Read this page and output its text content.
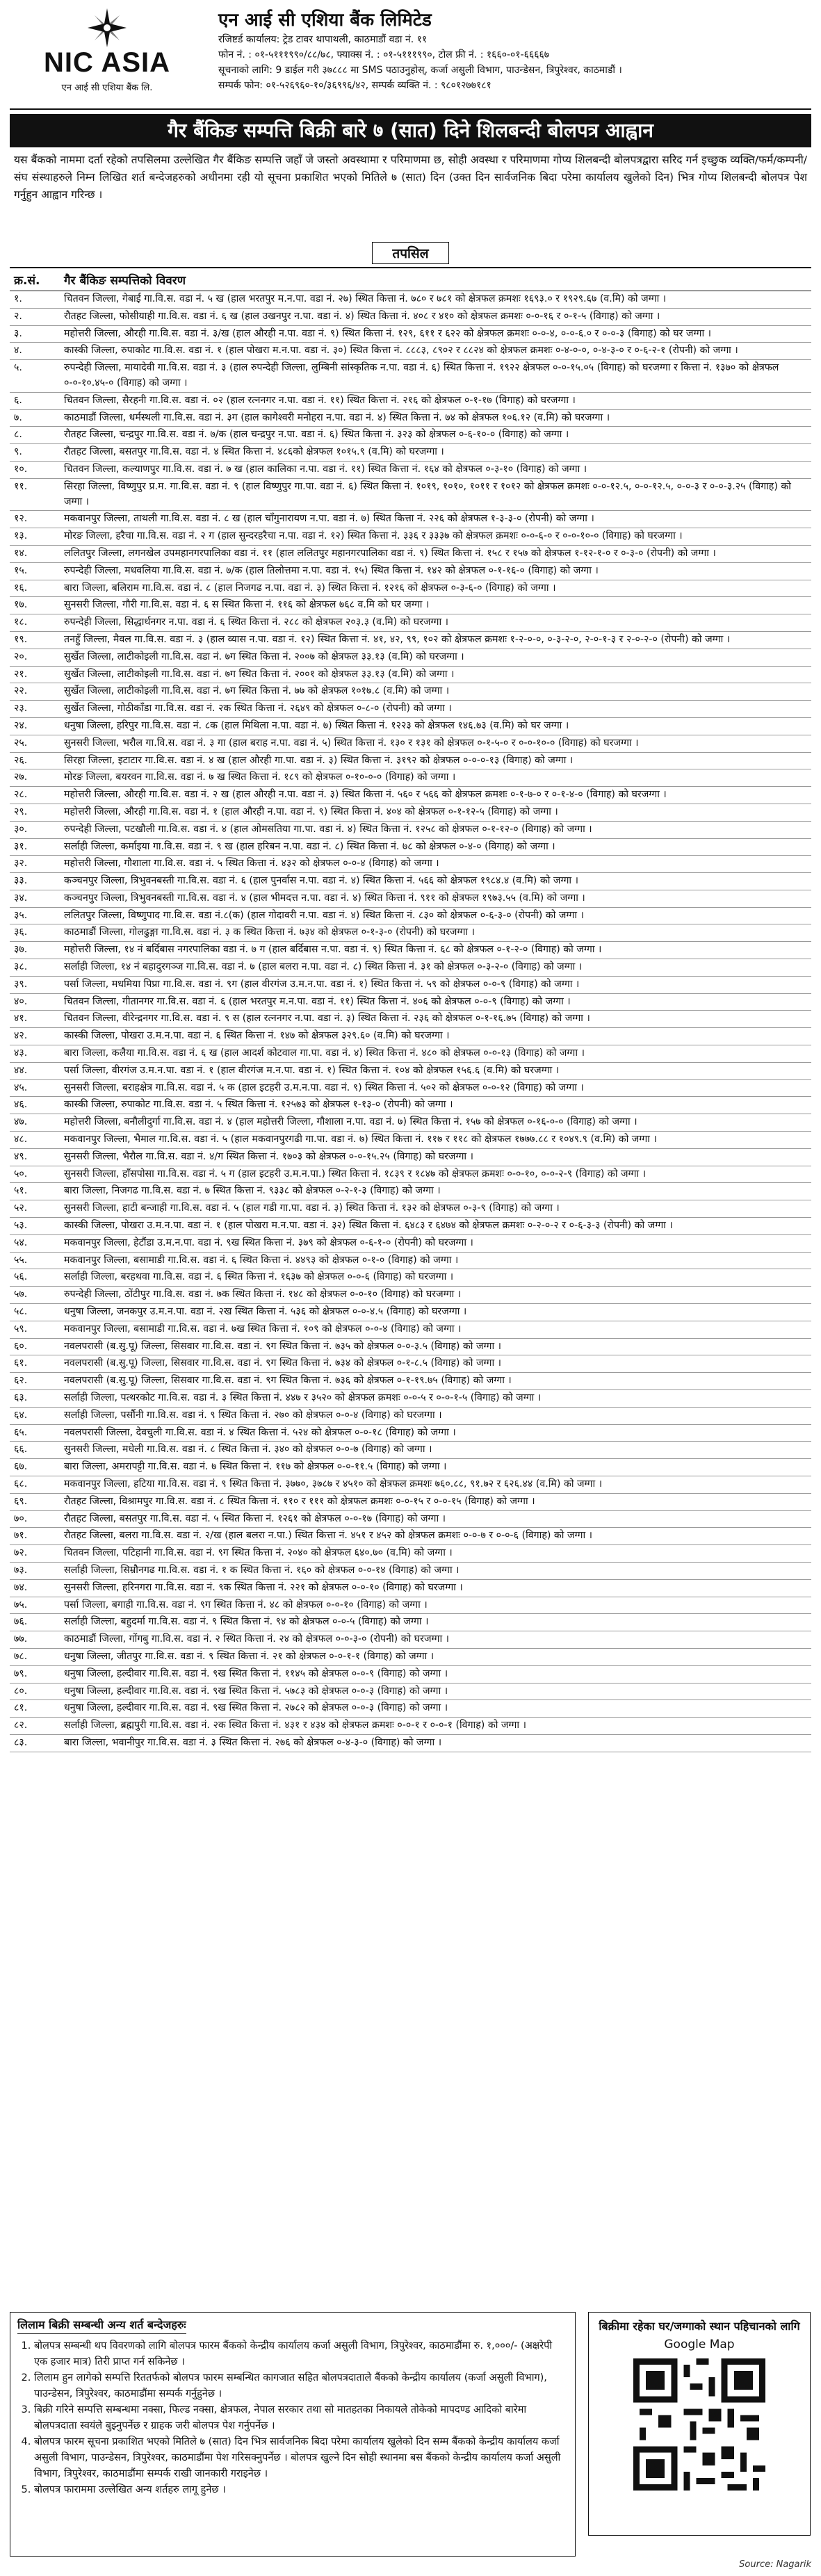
NIC ASIA
एन आई सी एशिया बैंक लि.
एन आई सी एशिया बैंक लिमिटेड
रजिष्टर्ड कार्यालय: ट्रेड टावर थापाथली, काठमाडौं वडा नं. ११
फोन नं. : ०१-५१११९९०/८८/७८, फ्याक्स नं. : ०१-५१११९९०, टोल फ्री नं. : १६६०-०१-६६६६७
सूचनाको लागि: 9 डाईल गरी ३७८८८ मा SMS पठाउनुहोस्, कर्जा असुली विभाग, पाउन्डेसन, त्रिपुरेश्वर, काठमाडौं ।
सम्पर्क फोन: ०१-५२६९६०-१०/३६९९६/४२, सम्पर्क व्यक्ति नं. : ९८०१२७७१८१
गैर बैंकिङ सम्पत्ति बिक्री बारे ७ (सात) दिने शिलबन्दी बोलपत्र आह्वान
यस बैंकको नाममा दर्ता रहेको तपसिलमा उल्लेखित गैर बैंकिङ सम्पत्ति जहाँ जे जस्तो अवस्थामा र परिमाणमा छ, सोही अवस्था र परिमाणमा गोप्य शिलबन्दी बोलपत्रद्वारा सरिद गर्न इच्छुक व्यक्ति/फर्म/कम्पनी/संघ संस्थाहरुले निम्न लिखित शर्त बन्देजहरुको अधीनमा रही यो सूचना प्रकाशित भएको मितिले ७ (सात) दिन (उक्त दिन सार्वजनिक बिदा परेमा कार्यालय खुलेको दिन) भित्र गोप्य शिलबन्दी बोलपत्र पेश गर्नुहुन आह्वान गरिन्छ ।
तपसिल
क्र.सं.	गैर बैंकिङ सम्पत्तिको विवरण
१.	चितवन जिल्ला, गेबाई गा.वि.स. वडा नं. ५ ख (हाल भरतपुर म.न.पा. वडा नं. २७) स्थित कित्ता नं. ७८० र ७८१ को क्षेत्रफल क्रमशः १६९३.० र १९२९.६७ (व.मि) को जग्गा ।
२.	रौतहट जिल्ला, फोसीयाही गा.वि.स. वडा नं. ६ ख (हाल उखनपुर न.पा. वडा नं. ४) स्थित कित्ता नं. ४०८ र ४१० को क्षेत्रफल क्रमशः ०-०-१६ र ०-१-५ (विगाह) को जग्गा ।
३.	महोत्तरी जिल्ला, औरही गा.वि.स. वडा नं. ३/ख (हाल औरही न.पा. वडा नं. ९) स्थित कित्ता नं. १२९, ६११ र ६२२ को क्षेत्रफल क्रमशः ०-०-४, ०-०-६.० र ०-०-३ (विगाह) को घर जग्गा ।
४.	कास्की जिल्ला, रुपाकोट गा.वि.स. वडा नं. १ (हाल पोखरा म.न.पा. वडा नं. ३०) स्थित कित्ता नं. ८८८३, ८९०२ र ८८२४ को क्षेत्रफल क्रमशः ०-४-०-०, ०-४-३-० र ०-६-२-१ (रोपनी) को जग्गा ।
५.	रुपन्देही जिल्ला, मायादेवी गा.वि.स. वडा नं. ३ (हाल रुपन्देही जिल्ला, लुम्बिनी सांस्कृतिक न.पा. वडा नं. ६) स्थित कित्ता नं. १९२२ क्षेत्रफल ०-०-१५.०५ (विगाह) को घरजग्गा र कित्ता नं. १३७० को क्षेत्रफल ०-०-१०.४५-० (विगाह) को जग्गा ।
६.	चितवन जिल्ला, सैरहनी गा.वि.स. वडा नं. ०२ (हाल रत्ननगर न.पा. वडा नं. ११) स्थित कित्ता नं. २१६ को क्षेत्रफल ०-१-१७ (विगाह) को घरजग्गा ।
७.	काठमाडौं जिल्ला, धर्मस्थली गा.वि.स. वडा नं. ३ग (हाल कागेश्वरी मनोहरा न.पा. वडा नं. ४) स्थित कित्ता नं. ७४ को क्षेत्रफल १०६.१२ (व.मि) को घरजग्गा ।
८.	रौतहट जिल्ला, चन्द्रपुर गा.वि.स. वडा नं. ७/क (हाल चन्द्रपुर न.पा. वडा नं. ६) स्थित कित्ता नं. ३२३ को क्षेत्रफल ०-६-१०-० (विगाह) को जग्गा ।
९.	रौतहट जिल्ला, बसतपुर गा.वि.स. वडा नं. ४ स्थित कित्ता नं. ४८६को क्षेत्रफल १०१५.९ (व.मि) को घरजग्गा ।
१०.	चितवन जिल्ला, कल्याणपुर गा.वि.स. वडा नं. ७ ख (हाल कालिका न.पा. वडा नं. ११) स्थित कित्ता नं. १६४ को क्षेत्रफल ०-३-१० (विगाह) को जग्गा ।
११.	सिरहा जिल्ला, विष्णुपुर प्र.म. गा.वि.स. वडा नं. ९ (हाल विष्णुपुर गा.पा. वडा नं. ६) स्थित कित्ता नं. १०१९, १०१०, १०११ र १०१२ को क्षेत्रफल क्रमशः ०-०-१२.५, ०-०-१२.५, ०-०-३ र ०-०-३.२५ (विगाह) को जग्गा ।
१२.	मकवानपुर जिल्ला, ताथली गा.वि.स. वडा नं. ८ ख (हाल चाँगुनारायण न.पा. वडा नं. ७) स्थित कित्ता नं. २२६ को क्षेत्रफल १-३-३-० (रोपनी) को जग्गा ।
१३.	मोरङ जिल्ला, हरैचा गा.वि.स. वडा नं. २ ग (हाल सुन्दरहरैचा न.पा. वडा नं. १२) स्थित कित्ता नं. ३३६ र ३३३७ को क्षेत्रफल क्रमशः ०-०-६-० र ०-०-१०-० (विगाह) को घरजग्गा ।
१४.	ललितपुर जिल्ला, लगनखेल उपमहानगरपालिका वडा नं. ११ (हाल ललितपुर महानगरपालिका वडा नं. ९) स्थित कित्ता नं. १५८ र १५७ को क्षेत्रफल १-१२-१-० र ०-३-० (रोपनी) को जग्गा ।
१५.	रुपन्देही जिल्ला, मधवलिया गा.वि.स. वडा नं. ७/क (हाल तिलोत्तमा न.पा. वडा नं. १५) स्थित कित्ता नं. १४२ को क्षेत्रफल ०-१-१६-० (विगाह) को जग्गा ।
१६.	बारा जिल्ला, बलिराम गा.वि.स. वडा नं. ८ (हाल निजगढ न.पा. वडा नं. ३) स्थित कित्ता नं. १२१६ को क्षेत्रफल ०-३-६-० (विगाह) को जग्गा ।
१७.	सुनसरी जिल्ला, गौरी गा.वि.स. वडा नं. ६ स स्थित कित्ता नं. ११६ को क्षेत्रफल ७६८ व.मि को घर जग्गा ।
१८.	रुपन्देही जिल्ला, सिद्धार्थनगर न.पा. वडा नं. ६ स्थित कित्ता नं. २८८ को क्षेत्रफल २०३.३ (व.मि) को घरजग्गा ।
१९.	तनहुँ जिल्ला, मैवल गा.वि.स. वडा नं. ३ (हाल व्यास न.पा. वडा नं. १२) स्थित कित्ता नं. ४१, ४२, ९९, १०२ को क्षेत्रफल क्रमशः १-२-०-०, ०-३-२-०, २-०-१-३ र २-०-२-० (रोपनी) को जग्गा ।
२०.	सुर्खेत जिल्ला, लाटीकोइली गा.वि.स. वडा नं. ७ग स्थित कित्ता नं. २००७ को क्षेत्रफल ३३.१३ (व.मि) को घरजग्गा ।
२१.	सुर्खेत जिल्ला, लाटीकोइली गा.वि.स. वडा नं. ७ग स्थित कित्ता नं. २००१ को क्षेत्रफल ३३.१३ (व.मि) को जग्गा ।
२२.	सुर्खेत जिल्ला, लाटीकोइली गा.वि.स. वडा नं. ७ग स्थित कित्ता नं. ७७ को क्षेत्रफल १०१७.८ (व.मि) को जग्गा ।
२३.	सुर्खेत जिल्ला, गोठीकाँडा गा.वि.स. वडा नं. २क स्थित कित्ता नं. २६४९ को क्षेत्रफल ०-८-० (रोपनी) को जग्गा ।
२४.	धनुषा जिल्ला, हरिपुर गा.वि.स. वडा नं. ८क (हाल मिथिला न.पा. वडा नं. ७) स्थित कित्ता नं. १२२३ को क्षेत्रफल १४६.७३ (व.मि) को घर जग्गा ।
२५.	सुनसरी जिल्ला, भरौल गा.वि.स. वडा नं. ३ गा (हाल बराह न.पा. वडा नं. ५) स्थित कित्ता नं. १३० र १३१ को क्षेत्रफल ०-१-५-० र ०-०-१०-० (विगाह) को घरजग्गा ।
२६.	सिरहा जिल्ला, इटाटार गा.वि.स. वडा नं. ४ ख (हाल औरही गा.पा. वडा नं. ३) स्थित कित्ता नं. ३१९२ को क्षेत्रफल ०-०-०-१३ (विगाह) को जग्गा ।
२७.	मोरङ जिल्ला, बयरवन गा.वि.स. वडा नं. ७ ख स्थित कित्ता नं. १८९ को क्षेत्रफल ०-१०-०-० (विगाह) को जग्गा ।
२८.	महोत्तरी जिल्ला, औरही गा.वि.स. वडा नं. २ ख (हाल औरही न.पा. वडा नं. ३) स्थित कित्ता नं. ५६० र ५६६ को क्षेत्रफल क्रमशः ०-१-७-० र ०-१-४-० (विगाह) को घरजग्गा ।
२९.	महोत्तरी जिल्ला, औरही गा.वि.स. वडा नं. १ (हाल औरही न.पा. वडा नं. ९) स्थित कित्ता नं. ४०४ को क्षेत्रफल ०-१-१२-५ (विगाह) को जग्गा ।
३०.	रुपन्देही जिल्ला, पटखौली गा.वि.स. वडा नं. ४ (हाल ओमसतिया गा.पा. वडा नं. ४) स्थित कित्ता नं. १२५८ को क्षेत्रफल ०-१-१२-० (विगाह) को जग्गा ।
३१.	सर्लाही जिल्ला, कर्माइया गा.वि.स. वडा नं. ९ ख (हाल हरिबन न.पा. वडा नं. ८) स्थित कित्ता नं. ७८ को क्षेत्रफल ०-४-० (विगाह) को जग्गा ।
३२.	महोत्तरी जिल्ला, गौशाला गा.वि.स. वडा नं. ५ स्थित कित्ता नं. ४३२ को क्षेत्रफल ०-०-४ (विगाह) को जग्गा ।
३३.	कञ्चनपुर जिल्ला, त्रिभुवनबस्ती गा.वि.स. वडा नं. ६ (हाल पुनर्वास न.पा. वडा नं. ४) स्थित कित्ता नं. ५६६ को क्षेत्रफल १९८४.४ (व.मि) को जग्गा ।
३४.	कञ्चनपुर जिल्ला, त्रिभुवनबस्ती गा.वि.स. वडा नं. ४ (हाल भीमदत्त न.पा. वडा नं. ४) स्थित कित्ता नं. ९११ को क्षेत्रफल १९७३.५५ (व.मि) को जग्गा ।
३५.	ललितपुर जिल्ला, विष्णुपाद गा.वि.स. वडा नं.८(क) (हाल गोदावरी न.पा. वडा नं. ४) स्थित कित्ता नं. ८३० को क्षेत्रफल ०-६-३-० (रोपनी) को जग्गा ।
३६.	काठमाडौं जिल्ला, गोलढुङ्गा गा.वि.स. वडा नं. ३ क स्थित कित्ता नं. ७३४ को क्षेत्रफल ०-१-३-० (रोपनी) को घरजग्गा ।
३७.	महोत्तरी जिल्ला, १४ नं बर्दिबास नगरपालिका वडा नं. ७ ग (हाल बर्दिबास न.पा. वडा नं. ९) स्थित कित्ता नं. ६८ को क्षेत्रफल ०-१-२-० (विगाह) को जग्गा ।
३८.	सर्लाही जिल्ला, १४ नं बहादुरगञ्ज गा.वि.स. वडा नं. ७ (हाल बलरा न.पा. वडा नं. ८) स्थित कित्ता नं. ३१ को क्षेत्रफल ०-३-२-० (विगाह) को जग्गा ।
३९.	पर्सा जिल्ला, मधमिया पिप्रा गा.वि.स. वडा नं. ९ग (हाल वीरगंज उ.म.न.पा. वडा नं. १) स्थित कित्ता नं. ५९ को क्षेत्रफल ०-०-९ (विगाह) को जग्गा ।
४०.	चितवन जिल्ला, गीतानगर गा.वि.स. वडा नं. ६ (हाल भरतपुर म.न.पा. वडा नं. ११) स्थित कित्ता नं. ४०६ को क्षेत्रफल ०-०-९ (विगाह) को जग्गा ।
४१.	चितवन जिल्ला, वीरेन्द्रनगर गा.वि.स. वडा नं. ९ स (हाल रत्ननगर न.पा. वडा नं. ३) स्थित कित्ता नं. २३६ को क्षेत्रफल ०-१-१६.७५ (विगाह) को जग्गा ।
४२.	कास्की जिल्ला, पोखरा उ.म.न.पा. वडा नं. ६ स्थित कित्ता नं. १४७ को क्षेत्रफल ३२९.६० (व.मि) को घरजग्गा ।
४३.	बारा जिल्ला, कलैया गा.वि.स. वडा नं. ६ ख (हाल आदर्श कोटवाल गा.पा. वडा नं. ४) स्थित कित्ता नं. ४८० को क्षेत्रफल ०-०-१३ (विगाह) को जग्गा ।
४४.	पर्सा जिल्ला, वीरगंज उ.म.न.पा. वडा नं. १ (हाल वीरगंज म.न.पा. वडा नं. १) स्थित कित्ता नं. १०४ को क्षेत्रफल १५६.६ (व.मि) को घरजग्गा ।
४५.	सुनसरी जिल्ला, बराहक्षेत्र गा.वि.स. वडा नं. ५ क (हाल इटहरी उ.म.न.पा. वडा नं. ९) स्थित कित्ता नं. ५०२ को क्षेत्रफल ०-०-१२ (विगाह) को जग्गा ।
४६.	कास्की जिल्ला, रुपाकोट गा.वि.स. वडा नं. ५ स्थित कित्ता नं. १२५७३ को क्षेत्रफल १-१३-० (रोपनी) को जग्गा ।
४७.	महोत्तरी जिल्ला, बनौलीदुर्गा गा.वि.स. वडा नं. ४ (हाल महोत्तरी जिल्ला, गौशाला न.पा. वडा नं. ७) स्थित कित्ता नं. १५७ को क्षेत्रफल ०-१६-०-० (विगाह) को जग्गा ।
४८.	मकवानपुर जिल्ला, भैमाल गा.वि.स. वडा नं. ५ (हाल मकवानपुरगढी गा.पा. वडा नं. ७) स्थित कित्ता नं. ११७ र ११८ को क्षेत्रफल १७७७.८८ र १०४९.९ (व.मि) को जग्गा ।
४९.	सुनसरी जिल्ला, भैरौल गा.वि.स. वडा नं. ४/ग स्थित कित्ता नं. १७०३ को क्षेत्रफल ०-०-१५.२५ (विगाह) को घरजग्गा ।
५०.	सुनसरी जिल्ला, हाँसपोसा गा.वि.स. वडा नं. ५ ग (हाल इटहरी उ.म.न.पा.) स्थित कित्ता नं. १८३९ र १८४७ को क्षेत्रफल क्रमशः ०-०-१०, ०-०-२-९ (विगाह) को जग्गा ।
५१.	बारा जिल्ला, निजगढ गा.वि.स. वडा नं. ७ स्थित कित्ता नं. ९३३८ को क्षेत्रफल ०-२-१-३ (विगाह) को जग्गा ।
५२.	सुनसरी जिल्ला, हाटी बन्जाही गा.वि.स. वडा नं. ५ (हाल गडी गा.पा. वडा नं. ३) स्थित कित्ता नं. १३२ को क्षेत्रफल ०-३-९ (विगाह) को जग्गा ।
५३.	कास्की जिल्ला, पोखरा उ.म.न.पा. वडा नं. १ (हाल पोखरा म.न.पा. वडा नं. ३२) स्थित कित्ता नं. ६४८३ र ६४७४ को क्षेत्रफल क्रमशः ०-२-०-२ र ०-६-३-३ (रोपनी) को जग्गा ।
५४.	मकवानपुर जिल्ला, हेटौंडा उ.म.न.पा. वडा नं. ९ख स्थित कित्ता नं. ३७९ को क्षेत्रफल ०-६-१-० (रोपनी) को घरजग्गा ।
५५.	मकवानपुर जिल्ला, बसामाडी गा.वि.स. वडा नं. ६ स्थित कित्ता नं. ४४९३ को क्षेत्रफल ०-१-० (विगाह) को जग्गा ।
५६.	सर्लाही जिल्ला, बरहथवा गा.वि.स. वडा नं. ६ स्थित कित्ता नं. १६३७ को क्षेत्रफल ०-०-६ (विगाह) को घरजग्गा ।
५७.	रुपन्देही जिल्ला, ठोंटीपुर गा.वि.स. वडा नं. ७क स्थित कित्ता नं. १४८ को क्षेत्रफल ०-०-१० (विगाह) को घरजग्गा ।
५८.	धनुषा जिल्ला, जनकपुर उ.म.न.पा. वडा नं. २ख स्थित कित्ता नं. ५३६ को क्षेत्रफल ०-०-४.५ (विगाह) को घरजग्गा ।
५९.	मकवानपुर जिल्ला, बसामाडी गा.वि.स. वडा नं. ७ख स्थित कित्ता नं. १०९ को क्षेत्रफल ०-०-४ (विगाह) को जग्गा ।
६०.	नवलपरासी (ब.सु.पू) जिल्ला, सिसवार गा.वि.स. वडा नं. ९ग स्थित कित्ता नं. ७३५ को क्षेत्रफल ०-०-३.५ (विगाह) को जग्गा ।
६१.	नवलपरासी (ब.सु.पू) जिल्ला, सिसवार गा.वि.स. वडा नं. ९ग स्थित कित्ता नं. ७३४ को क्षेत्रफल ०-१-८.५ (विगाह) को जग्गा ।
६२.	नवलपरासी (ब.सु.पू) जिल्ला, सिसवार गा.वि.स. वडा नं. ९ग स्थित कित्ता नं. ७३६ को क्षेत्रफल ०-१-१९.७५ (विगाह) को जग्गा ।
६३.	सर्लाही जिल्ला, पत्थरकोट गा.वि.स. वडा नं. ३ स्थित कित्ता नं. ४४७ र ३५२० को क्षेत्रफल क्रमशः ०-०-५ र ०-०-१-५ (विगाह) को जग्गा ।
६४.	सर्लाही जिल्ला, पर्सौनी गा.वि.स. वडा नं. ९ स्थित कित्ता नं. २७० को क्षेत्रफल ०-०-४ (विगाह) को घरजग्गा ।
६५.	नवलपरासी जिल्ला, देवचुली गा.वि.स. वडा नं. ४ स्थित कित्ता नं. ५२४ को क्षेत्रफल ०-०-१८ (विगाह) को जग्गा ।
६६.	सुनसरी जिल्ला, मधेली गा.वि.स. वडा नं. ८ स्थित कित्ता नं. ३४० को क्षेत्रफल ०-०-७ (विगाह) को जग्गा ।
६७.	बारा जिल्ला, अमरापट्टी गा.वि.स. वडा नं. ७ स्थित कित्ता नं. ११७ को क्षेत्रफल ०-०-११.५ (विगाह) को जग्गा ।
६८.	मकवानपुर जिल्ला, हटिया गा.वि.स. वडा नं. ९ स्थित कित्ता नं. ३७७०, ३७८७ र ४५१० को क्षेत्रफल क्रमशः ७६०.८८, ९१.७२ र ६२६.४४ (व.मि) को जग्गा ।
६९.	रौतहट जिल्ला, विश्रामपुर गा.वि.स. वडा नं. ८ स्थित कित्ता नं. ११० र १११ को क्षेत्रफल क्रमशः ०-०-१५ र ०-०-१५ (विगाह) को जग्गा ।
७०.	रौतहट जिल्ला, बसतपुर गा.वि.स. वडा नं. ५ स्थित कित्ता नं. १२६१ को क्षेत्रफल ०-०-१७ (विगाह) को जग्गा ।
७१.	रौतहट जिल्ला, बलरा गा.वि.स. वडा नं. २/ख (हाल बलरा न.पा.) स्थित कित्ता नं. ४५१ र ४५२ को क्षेत्रफल क्रमशः ०-०-७ र ०-०-६ (विगाह) को जग्गा ।
७२.	चितवन जिल्ला, पटिहानी गा.वि.स. वडा नं. ९ग स्थित कित्ता नं. २०४० को क्षेत्रफल ६४०.७० (व.मि) को जग्गा ।
७३.	सर्लाही जिल्ला, सिम्रौनगढ गा.वि.स. वडा नं. १ क स्थित कित्ता नं. १६० को क्षेत्रफल ०-०-१४ (विगाह) को जग्गा ।
७४.	सुनसरी जिल्ला, हरिनगरा गा.वि.स. वडा नं. ९क स्थित कित्ता नं. २२१ को क्षेत्रफल ०-०-१० (विगाह) को घरजग्गा ।
७५.	पर्सा जिल्ला, बगाही गा.वि.स. वडा नं. ९ग स्थित कित्ता नं. ४८ को क्षेत्रफल ०-०-१० (विगाह) को जग्गा ।
७६.	सर्लाही जिल्ला, बहुदर्मा गा.वि.स. वडा नं. ९ स्थित कित्ता नं. ९४ को क्षेत्रफल ०-०-५ (विगाह) को जग्गा ।
७७.	काठमाडौं जिल्ला, गोंगबु गा.वि.स. वडा नं. २ स्थित कित्ता नं. २४ को क्षेत्रफल ०-०-३-० (रोपनी) को घरजग्गा ।
७८.	धनुषा जिल्ला, जीतपुर गा.वि.स. वडा नं. ९ स्थित कित्ता नं. २१ को क्षेत्रफल ०-०-१-१ (विगाह) को जग्गा ।
७९.	धनुषा जिल्ला, हल्दीवार गा.वि.स. वडा नं. ९ख स्थित कित्ता नं. ११४५ को क्षेत्रफल ०-०-९ (विगाह) को जग्गा ।
८०.	धनुषा जिल्ला, हल्दीवार गा.वि.स. वडा नं. ९ख स्थित कित्ता नं. ५७८३ को क्षेत्रफल ०-०-३ (विगाह) को जग्गा ।
८१.	धनुषा जिल्ला, हल्दीवार गा.वि.स. वडा नं. ९ख स्थित कित्ता नं. २७८२ को क्षेत्रफल ०-०-३ (विगाह) को जग्गा ।
८२.	सर्लाही जिल्ला, ब्रह्मपुरी गा.वि.स. वडा नं. २क स्थित कित्ता नं. ४३१ र ४३४ को क्षेत्रफल क्रमशः ०-०-१ र ०-०-१ (विगाह) को जग्गा ।
८३.	बारा जिल्ला, भवानीपुर गा.वि.स. वडा नं. ३ स्थित कित्ता नं. २७६ को क्षेत्रफल ०-४-३-० (विगाह) को जग्गा ।
लिलाम बिक्री सम्बन्धी अन्य शर्त बन्देजहरुः
1. बोलपत्र सम्बन्धी थप विवरणको लागि बोलपत्र फारम बैंकको केन्द्रीय कार्यालय कर्जा असुली विभाग, त्रिपुरेश्वर, काठमाडौंमा रु. १,०००/- (अक्षरेपी एक हजार मात्र) तिरी प्राप्त गर्न सकिनेछ ।
2. लिलाम हुन लागेको सम्पत्ति रिततर्फको बोलपत्र फारम सम्बन्धित कागजात सहित बोलपत्रदाताले बैंकको केन्द्रीय कार्यालय (कर्जा असुली विभाग), पाउन्डेसन, त्रिपुरेश्वर, काठमाडौंमा सम्पर्क गर्नुहुनेछ ।
3. बिक्री गरिने सम्पत्ति सम्बन्धमा नक्सा, फिल्ड नक्सा, क्षेत्रफल, नेपाल सरकार तथा सो मातहतका निकायले तोकेको मापदण्ड आदिको बारेमा बोलपत्रदाता स्वयंले बुझ्नुपर्नेछ र ग्राहक जरी बोलपत्र पेश गर्नुपर्नेछ ।
4. बोलपत्र फारम सूचना प्रकाशित भएको मितिले ७ (सात) दिन भित्र सार्वजनिक बिदा परेमा कार्यालय खुलेको दिन सम्म बैंकको केन्द्रीय कार्यालय कर्जा असुली विभाग, पाउन्डेसन, त्रिपुरेश्वर, काठमाडौंमा पेश गरिसक्नुपर्नेछ । बोलपत्र खुल्ने दिन सोही स्थानमा बस बैंकको केन्द्रीय कार्यालय कर्जा असुली विभाग, त्रिपुरेश्वर, काठमाडौंमा सम्पर्क राखी जानकारी गराइनेछ ।
5. बोलपत्र फाराममा उल्लेखित अन्य शर्तहरु लागू हुनेछ ।
बिक्रीमा रहेका घर/जग्गाको स्थान पहिचानको लागि
Google Map
Source: Nagarik
